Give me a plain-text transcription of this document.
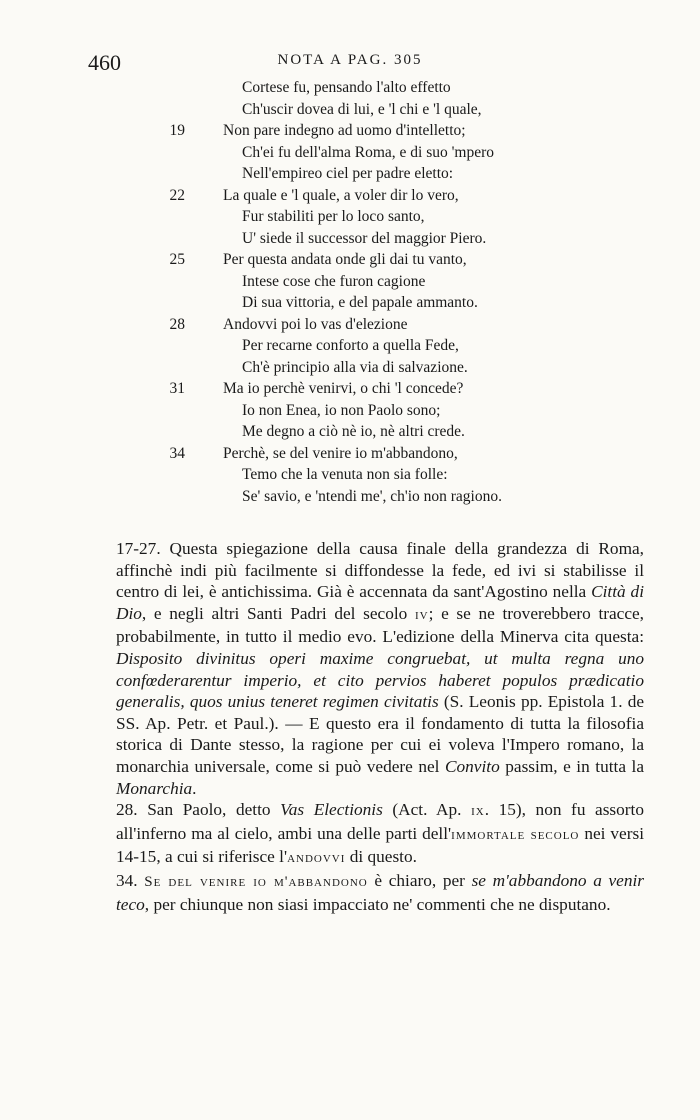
460	NOTA A PAG. 305
Cortese fu, pensando l'alto effetto
Ch'uscir dovea di lui, e 'l chi e 'l quale,
19 Non pare indegno ad uomo d'intelletto;
Ch'ei fu dell'alma Roma, e di suo 'mpero
Nell'empireo ciel per padre eletto:
22 La quale e 'l quale, a voler dir lo vero,
Fur stabiliti per lo loco santo,
U' siede il successor del maggior Piero.
25 Per questa andata onde gli dai tu vanto,
Intese cose che furon cagione
Di sua vittoria, e del papale ammanto.
28 Andovvi poi lo vas d'elezione
Per recarne conforto a quella Fede,
Ch'è principio alla via di salvazione.
31 Ma io perchè venirvi, o chi 'l concede?
Io non Enea, io non Paolo sono;
Me degno a ciò nè io, nè altri crede.
34 Perchè, se del venire io m'abbandono,
Temo che la venuta non sia folle:
Se' savio, e 'ntendi me', ch'io non ragiono.

17-27. Questa spiegazione della causa finale della grandezza di Roma, affinchè indi più facilmente si diffondesse la fede, ed ivi si stabilisse il centro di lei, è antichissima. Già è accennata da sant'Agostino nella Città di Dio, e negli altri Santi Padri del secolo iv; e se ne troverebbero tracce, probabilmente, in tutto il medio evo. L'edizione della Minerva cita questa: Disposito divinitus operi maxime congruebat, ut multa regna uno confœderarentur imperio, et cito pervios haberet populos prædicatio generalis, quos unius teneret regimen civitatis (S. Leonis pp. Epistola 1. de SS. Ap. Petr. et Paul.). — E questo era il fondamento di tutta la filosofia storica di Dante stesso, la ragione per cui ei voleva l'Impero romano, la monarchia universale, come si può vedere nel Convito passim, e in tutta la Monarchia.

28. San Paolo, detto Vas Electionis (Act. Ap. ix. 15), non fu assorto all'inferno ma al cielo, ambi una delle parti dell'immortale secolo nei versi 14-15, a cui si riferisce l'andovvi di questo.

34. Se del venire io m'abbandono è chiaro, per se m'abbandono a venir teco, per chiunque non siasi impacciato ne' commenti che ne disputano.
